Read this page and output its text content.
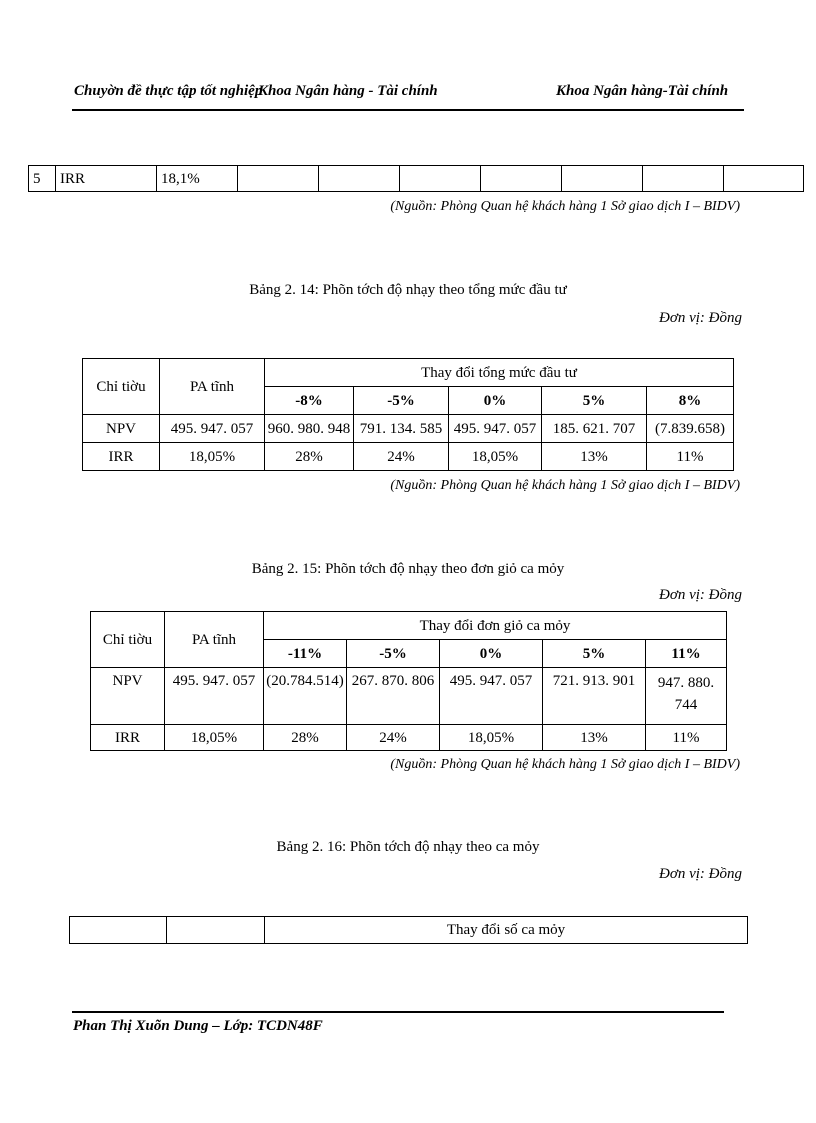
Chuyờn đề thực tập tốt nghiệp
Khoa Ngân hàng - Tài chính	Khoa Ngân hàng-Tài chính
5	IRR	18,1%							
(Nguồn: Phòng Quan hệ khách hàng 1 Sở giao dịch I – BIDV)
Bảng 2. 14: Phõn tớch độ nhạy theo tổng mức đầu tư
Đơn vị: Đồng
Chỉ tiờu	PA tĩnh	Thay đổi tổng mức đầu tư				
		-8%	-5%	0%	5%	8%
NPV	495. 947. 057	960. 980. 948	791. 134. 585	495. 947. 057	185. 621. 707	(7.839.658)
IRR	18,05%	28%	24%	18,05%	13%	11%
(Nguồn: Phòng Quan hệ khách hàng 1 Sở giao dịch I – BIDV)
Bảng 2. 15: Phõn tớch độ nhạy theo đơn giỏ ca mỏy
Đơn vị: Đồng
Chỉ tiờu	PA tĩnh	Thay đổi đơn giỏ ca mỏy				
		-11%	-5%	0%	5%	11%
NPV	495. 947. 057	(20.784.514)	267. 870. 806	495. 947. 057	721. 913. 901	947. 880.
744

IRR	18,05%	28%	24%	18,05%	13%	11%
(Nguồn: Phòng Quan hệ khách hàng 1 Sở giao dịch I – BIDV)
Bảng 2. 16: Phõn tớch độ nhạy theo ca mỏy
Đơn vị: Đồng
		Thay đổi số ca mỏy
Phan Thị Xuõn Dung – Lớp: TCDN48F
